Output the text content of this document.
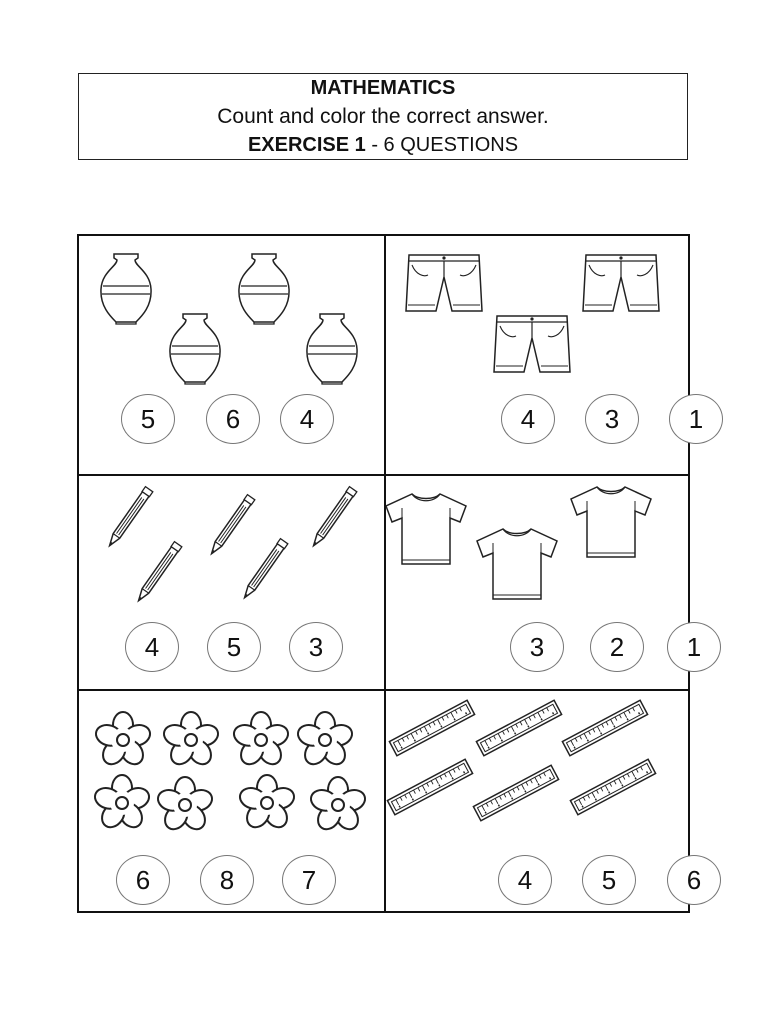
MATHEMATICS
Count and color the correct answer.
EXERCISE 1 - 6 QUESTIONS
5	6	4	4	3	1
4	5	3	3	2	1
6	8	7	4	5	6
